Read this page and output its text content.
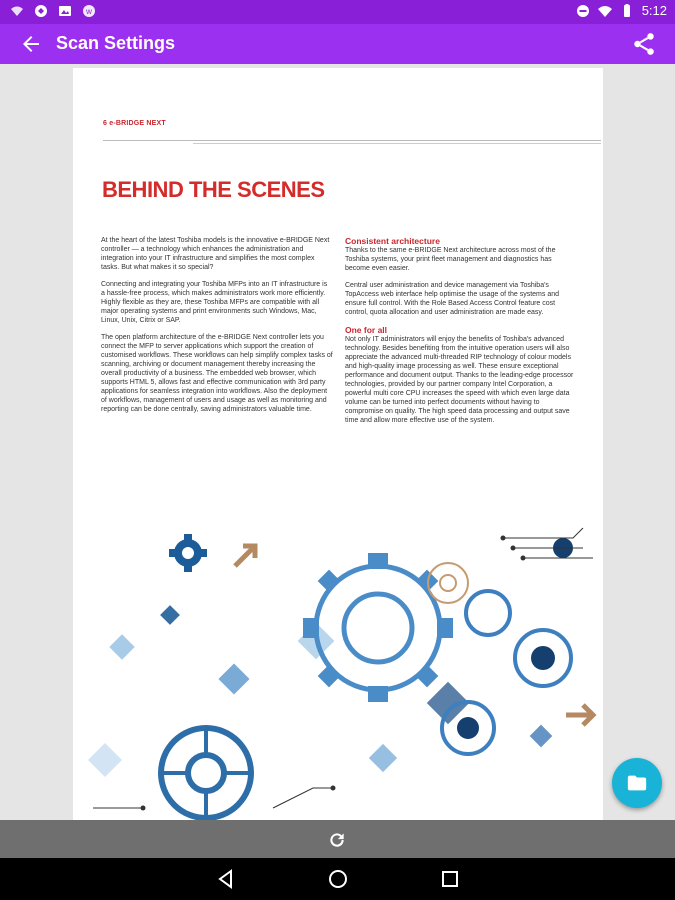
w	5:12
Scan Settings
6 e-BRIDGE NEXT
BEHIND THE SCENES

At the heart of the latest Toshiba models is the innovative e-BRIDGE Next controller — a technology which enhances the administration and integration into your IT infrastructure and simplifies the most complex tasks. But what makes it so special?

Connecting and integrating your Toshiba MFPs into an IT infrastructure is a hassle-free process, which makes administrators work more efficiently. Highly flexible as they are, these Toshiba MFPs are compatible with all major operating systems and print environments such Windows, Mac, Linux, Unix, Citrix or SAP.

The open platform architecture of the e-BRIDGE Next controller lets you connect the MFP to server applications which support the creation of customised workflows. These workflows can help simplify complex tasks of scanning, archiving or document management thereby increasing the overall productivity of a business. The embedded web browser, which supports HTML 5, allows fast and effective communication with 3rd party applications for seamless integration into workflows. Also the deployment of workflows, management of users and usage as well as monitoring and reporting can be done centrally, saving administrators valuable time.

Consistent architecture

Thanks to the same e-BRIDGE Next architecture across most of the Toshiba systems, your print fleet management and diagnostics has become even easier.

Central user administration and device management via Toshiba's TopAccess web interface help optimise the usage of the systems and ensure full control. With the Role Based Access Control feature cost control, quota allocation and user administration are made easy.

One for all

Not only IT administrators will enjoy the benefits of Toshiba's advanced technology. Besides benefiting from the intuitive operation users will also appreciate the advanced multi-threaded RIP technology of colour models and high-quality image processing as well. These ensure exceptional performance and document output. Thanks to the leading-edge processor technologies, provided by our partner company Intel Corporation, a powerful multi core CPU increases the speed with which even large data volume can be turned into perfect documents without having to compromise on quality. The high speed data processing and output save time and allow more effective use of the system.
